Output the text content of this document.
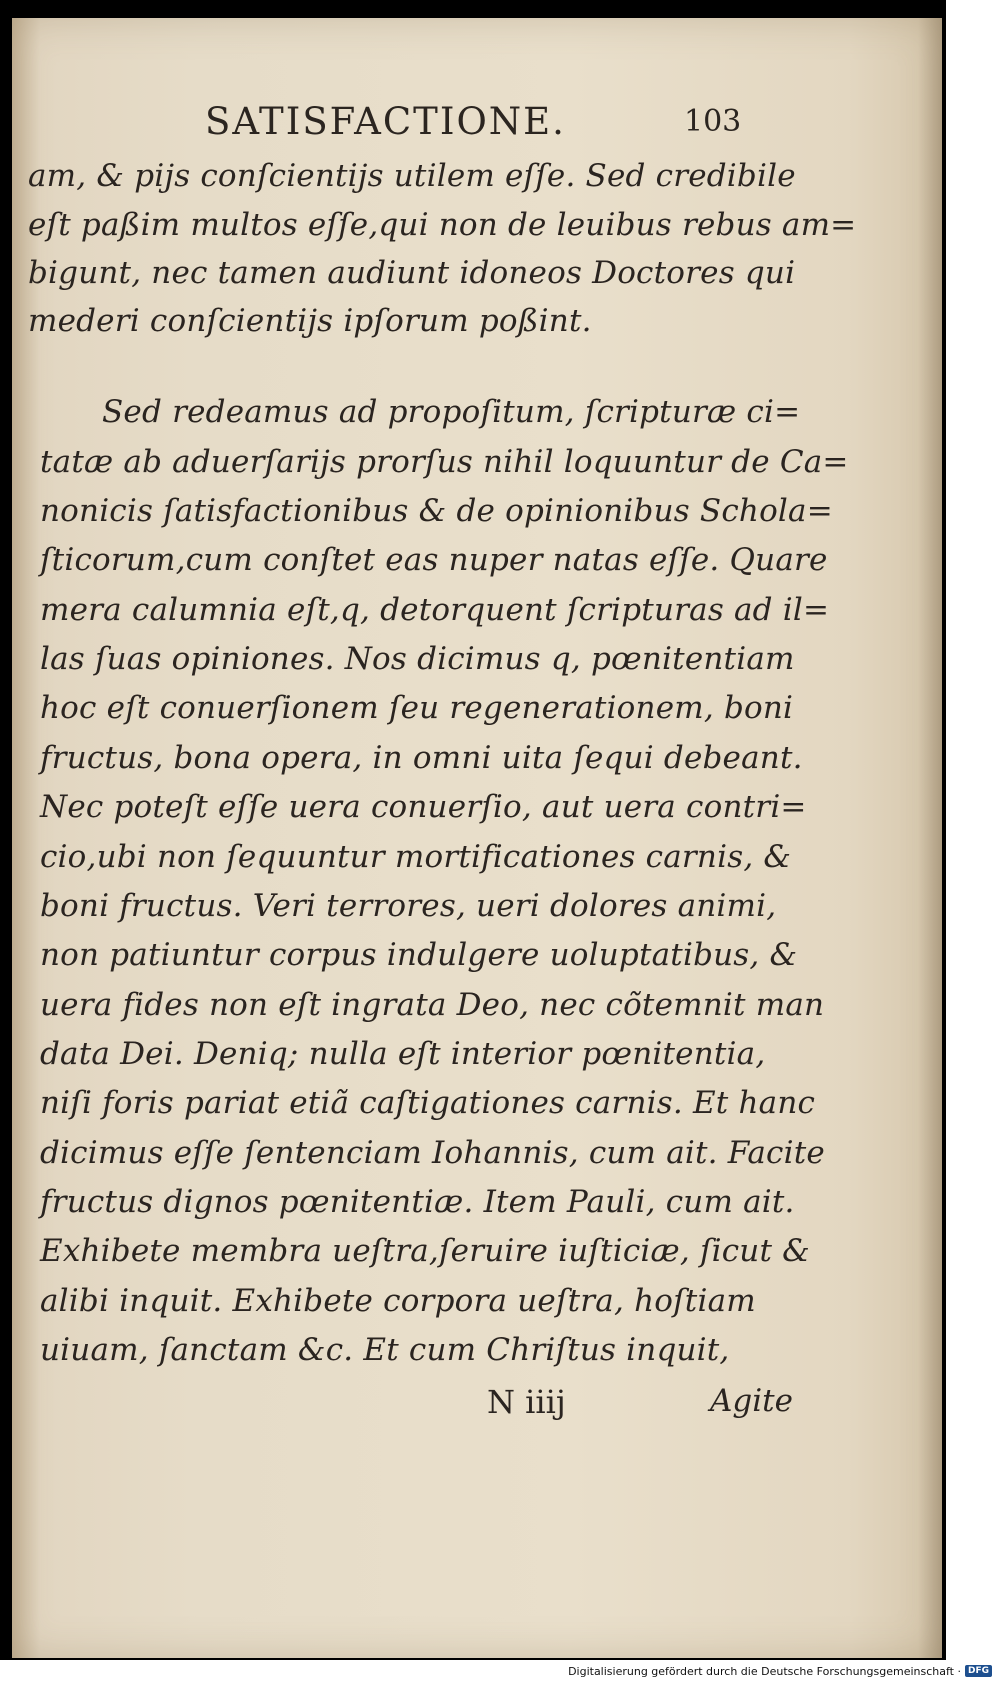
SATISFACTIONE.	103
am, & pijs conſcientijs utilem eſſe. Sed credibile
eſt paßim multos eſſe,qui non de leuibus rebus am=
bigunt, nec tamen audiunt idoneos Doctores qui
mederi conſcientijs ipſorum poßint.
Sed redeamus ad propoſitum, ſcripturæ ci=
tatæ ab aduerſarijs prorſus nihil loquuntur de Ca=
nonicis ſatisfactionibus & de opinionibus Schola=
ſticorum,cum conſtet eas nuper natas eſſe. Quare
mera calumnia eſt,q, detorquent ſcripturas ad il=
las ſuas opiniones. Nos dicimus q, pœnitentiam
hoc eſt conuerſionem ſeu regenerationem, boni
fructus, bona opera, in omni uita ſequi debeant.
Nec poteſt eſſe uera conuerſio, aut uera contri=
cio,ubi non ſequuntur mortificationes carnis, &
boni fructus. Veri terrores, ueri dolores animi,
non patiuntur corpus indulgere uoluptatibus, &
uera fides non eſt ingrata Deo, nec cõtemnit man
data Dei. Deniq; nulla eſt interior pœnitentia,
niſi foris pariat etiã caſtigationes carnis. Et hanc
dicimus eſſe ſentenciam Iohannis, cum ait. Facite
fructus dignos pœnitentiæ. Item Pauli, cum ait.
Exhibete membra ueſtra,ſeruire iuſticiæ, ſicut &
alibi inquit. Exhibete corpora ueſtra, hoſtiam
uiuam, ſanctam &c. Et cum Chriſtus inquit,
N iiij	Agite
Digitalisierung gefördert durch die Deutsche Forschungsgemeinschaft · DFG
